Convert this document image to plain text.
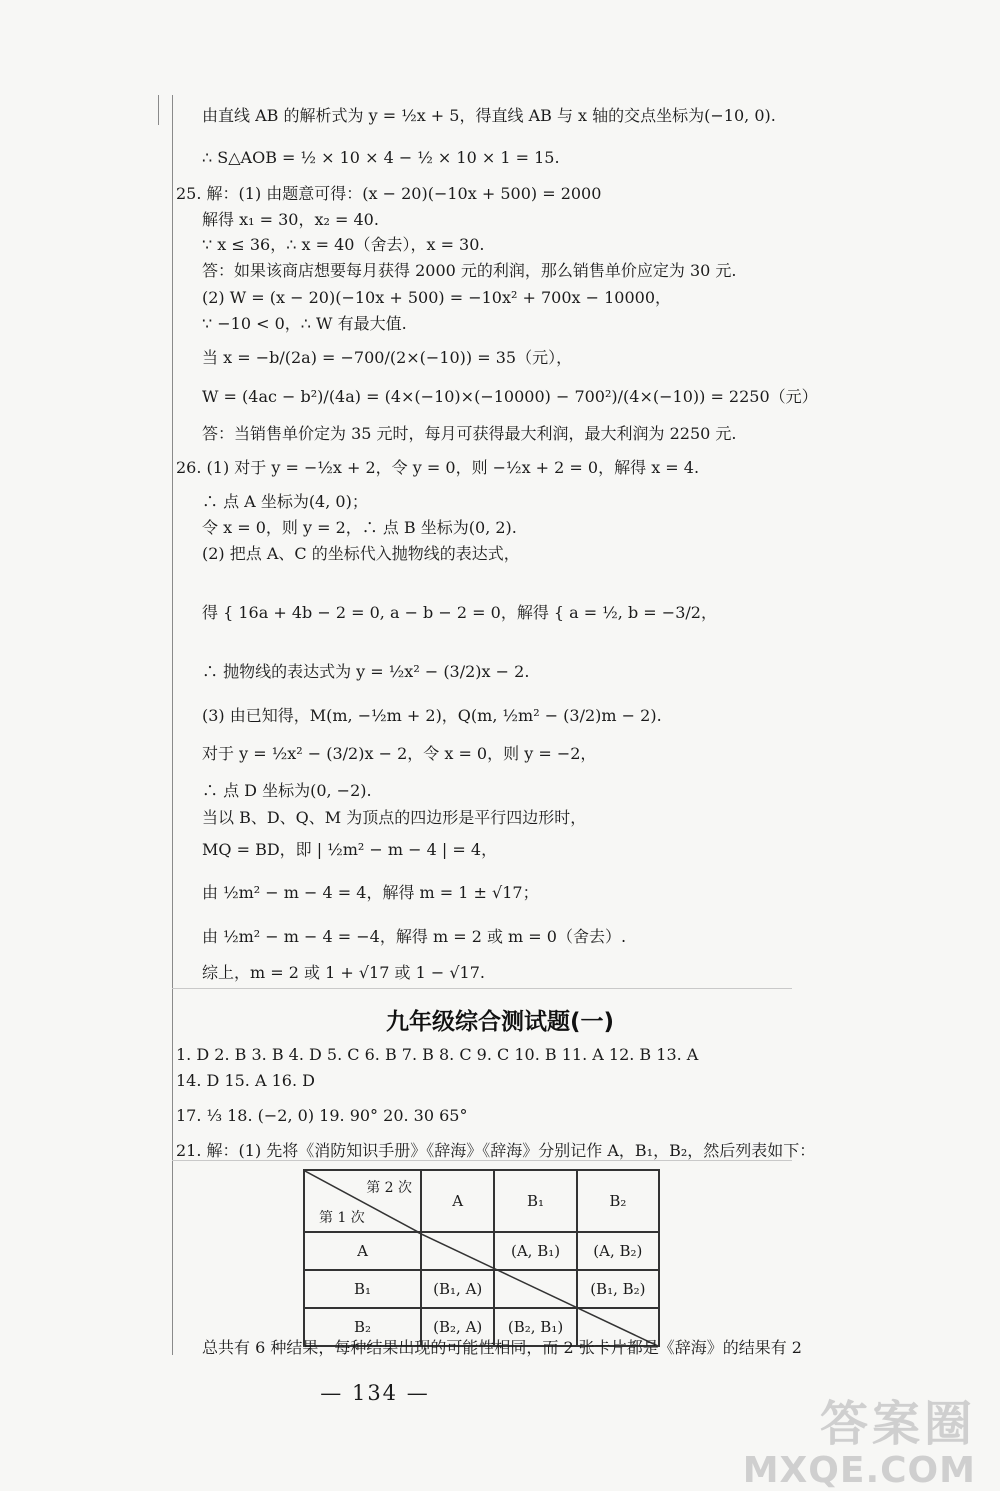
由直线 AB 的解析式为 y = ½x + 5，得直线 AB 与 x 轴的交点坐标为(−10, 0).
∴ S△AOB = ½ × 10 × 4 − ½ × 10 × 1 = 15.
25. 解：(1) 由题意可得：(x − 20)(−10x + 500) = 2000
解得 x₁ = 30，x₂ = 40.
∵ x ≤ 36，∴ x = 40（舍去），x = 30.
答：如果该商店想要每月获得 2000 元的利润，那么销售单价应定为 30 元.
(2) W = (x − 20)(−10x + 500) = −10x² + 700x − 10000，
∵ −10 < 0，∴ W 有最大值.
当 x = −b/(2a) = −700/(2×(−10)) = 35（元），
W = (4ac − b²)/(4a) = (4×(−10)×(−10000) − 700²)/(4×(−10)) = 2250（元）
答：当销售单价定为 35 元时，每月可获得最大利润，最大利润为 2250 元.
26. (1) 对于 y = −½x + 2，令 y = 0，则 −½x + 2 = 0，解得 x = 4.
∴ 点 A 坐标为(4, 0)；
令 x = 0，则 y = 2，∴ 点 B 坐标为(0, 2).
(2) 把点 A、C 的坐标代入抛物线的表达式，
得 { 16a + 4b − 2 = 0, a − b − 2 = 0，解得 { a = ½, b = −3/2，
∴ 抛物线的表达式为 y = ½x² − (3/2)x − 2.
(3) 由已知得，M(m, −½m + 2)，Q(m, ½m² − (3/2)m − 2).
对于 y = ½x² − (3/2)x − 2，令 x = 0，则 y = −2，
∴ 点 D 坐标为(0, −2).
当以 B、D、Q、M 为顶点的四边形是平行四边形时，
MQ = BD，即 | ½m² − m − 4 | = 4，
由 ½m² − m − 4 = 4，解得 m = 1 ± √17；
由 ½m² − m − 4 = −4，解得 m = 2 或 m = 0（舍去）.
综上，m = 2 或 1 + √17 或 1 − √17.
九年级综合测试题(一)
1. D 2. B 3. B 4. D 5. C 6. B 7. B 8. C 9. C 10. B 11. A 12. B 13. A
14. D 15. A 16. D
17. ⅓ 18. (−2, 0) 19. 90° 20. 30 65°
21. 解：(1) 先将《消防知识手册》《辞海》《辞海》分别记作 A，B₁，B₂，然后列表如下：
第 2 次
第 1 次	A	B₁	B₂
A		(A, B₁)	(A, B₂)
B₁	(B₁, A)		(B₁, B₂)
B₂	(B₂, A)	(B₂, B₁)	
总共有 6 种结果，每种结果出现的可能性相同，而 2 张卡片都是《辞海》的结果有 2
— 134 —
答案圈
MXQE.COM
